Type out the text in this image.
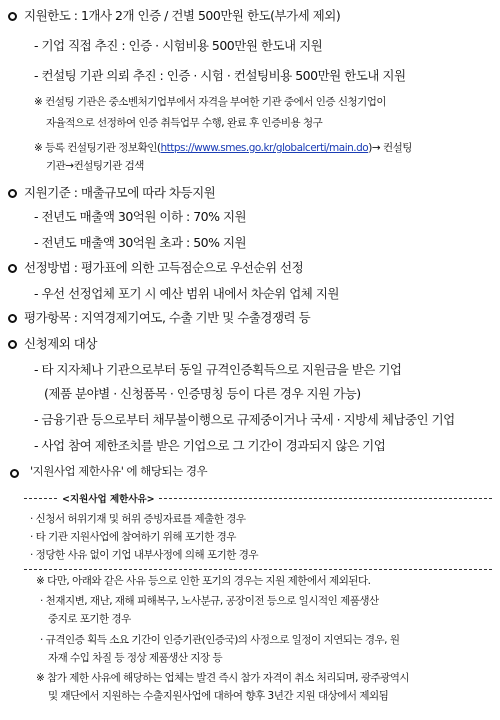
지원한도 : 1개사 2개 인증 / 건별 500만원 한도(부가세 제외)
- 기업 직접 추진 : 인증 · 시험비용 500만원 한도내 지원
- 컨설팅 기관 의뢰 추진 : 인증 · 시험 · 컨설팅비용 500만원 한도내 지원
※ 컨설팅 기관은 중소벤처기업부에서 자격을 부여한 기관 중에서 인증 신청기업이
자율적으로 선정하여 인증 취득업무 수행, 완료 후 인증비용 청구
※ 등록 컨설팅기관 정보확인(https://www.smes.go.kr/globalcerti/main.do)→ 컨설팅
기관→컨설팅기관 검색
지원기준 : 매출규모에 따라 차등지원
- 전년도 매출액 30억원 이하 : 70% 지원
- 전년도 매출액 30억원 초과 : 50% 지원
선정방법 : 평가표에 의한 고득점순으로 우선순위 선정
- 우선 선정업체 포기 시 예산 범위 내에서 차순위 업체 지원
평가항목 : 지역경제기여도, 수출 기반 및 수출경쟁력 등
신청제외 대상
- 타 지자체나 기관으로부터 동일 규격인증획득으로 지원금을 받은 기업
(제품 분야별 · 신청품목 · 인증명칭 등이 다른 경우 지원 가능)
- 금융기관 등으로부터 채무불이행으로 규제중이거나 국세 · 지방세 체납중인 기업
- 사업 참여 제한조치를 받은 기업으로 그 기간이 경과되지 않은 기업
'지원사업 제한사유' 에 해당되는 경우
<지원사업 제한사유>
· 신청서 허위기재 및 허위 증빙자료를 제출한 경우
· 타 기관 지원사업에 참여하기 위해 포기한 경우
· 정당한 사유 없이 기업 내부사정에 의해 포기한 경우
※ 다만, 아래와 같은 사유 등으로 인한 포기의 경우는 지원 제한에서 제외된다.
· 천재지변, 재난, 재해 피해복구, 노사분규, 공장이전 등으로 일시적인 제품생산
중지로 포기한 경우
· 규격인증 획득 소요 기간이 인증기관(인증국)의 사정으로 일정이 지연되는 경우, 원
자재 수입 차질 등 정상 제품생산 지장 등
※ 참가 제한 사유에 해당하는 업체는 발견 즉시 참가 자격이 취소 처리되며, 광주광역시
및 재단에서 지원하는 수출지원사업에 대하여 향후 3년간 지원 대상에서 제외됨
